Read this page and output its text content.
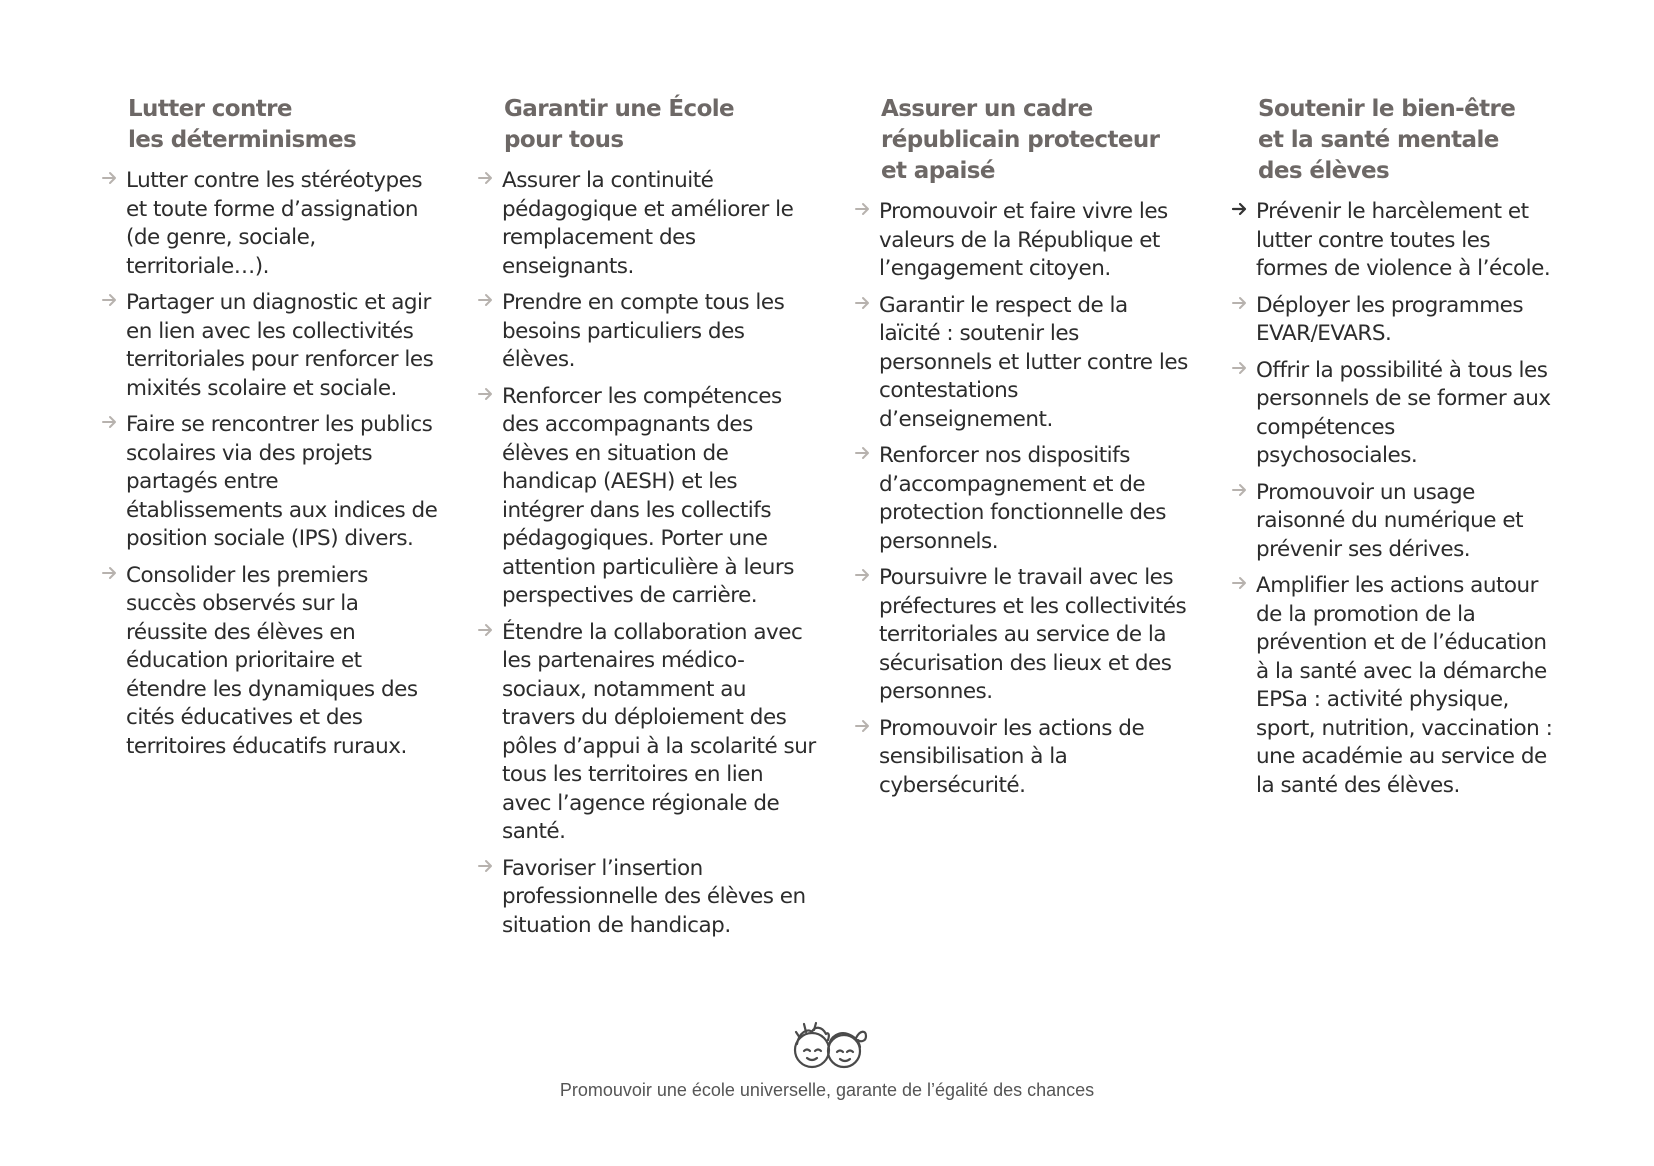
Lutter contre
les déterminismes
Lutter contre les stéréotypes et toute forme d’assignation (de genre, sociale, territoriale…).
Partager un diagnostic et agir en lien avec les collectivités territoriales pour renforcer les mixités scolaire et sociale.
Faire se rencontrer les publics scolaires via des projets partagés entre établissements aux indices de position sociale (IPS) divers.
Consolider les premiers succès observés sur la réussite des élèves en éducation prioritaire et étendre les dynamiques des cités éducatives et des territoires éducatifs ruraux.
Garantir une École
pour tous
Assurer la continuité pédagogique et améliorer le remplacement des enseignants.
Prendre en compte tous les besoins particuliers des élèves.
Renforcer les compétences des accompagnants des élèves en situation de handicap (AESH) et les intégrer dans les collectifs pédagogiques. Porter une attention particulière à leurs perspectives de carrière.
Étendre la collaboration avec les partenaires médico-sociaux, notamment au travers du déploiement des pôles d’appui à la scolarité sur tous les territoires en lien avec l’agence régionale de santé.
Favoriser l’insertion professionnelle des élèves en situation de handicap.
Assurer un cadre
républicain protecteur
et apaisé
Promouvoir et faire vivre les valeurs de la République et l’engagement citoyen.
Garantir le respect de la laïcité : soutenir les personnels et lutter contre les contestations d’enseignement.
Renforcer nos dispositifs d’accompagnement et de protection fonctionnelle des personnels.
Poursuivre le travail avec les préfectures et les collectivités territoriales au service de la sécurisation des lieux et des personnes.
Promouvoir les actions de sensibilisation à la cybersécurité.
Soutenir le bien-être
et la santé mentale
des élèves
Prévenir le harcèlement et lutter contre toutes les formes de violence à l’école.
Déployer les programmes EVAR/EVARS.
Offrir la possibilité à tous les personnels de se former aux compétences psychosociales.
Promouvoir un usage raisonné du numérique et prévenir ses dérives.
Amplifier les actions autour de la promotion de la prévention et de l’éducation à la santé avec la démarche EPSa : activité physique, sport, nutrition, vaccination : une académie au service de la santé des élèves.
Promouvoir une école universelle, garante de l’égalité des chances
